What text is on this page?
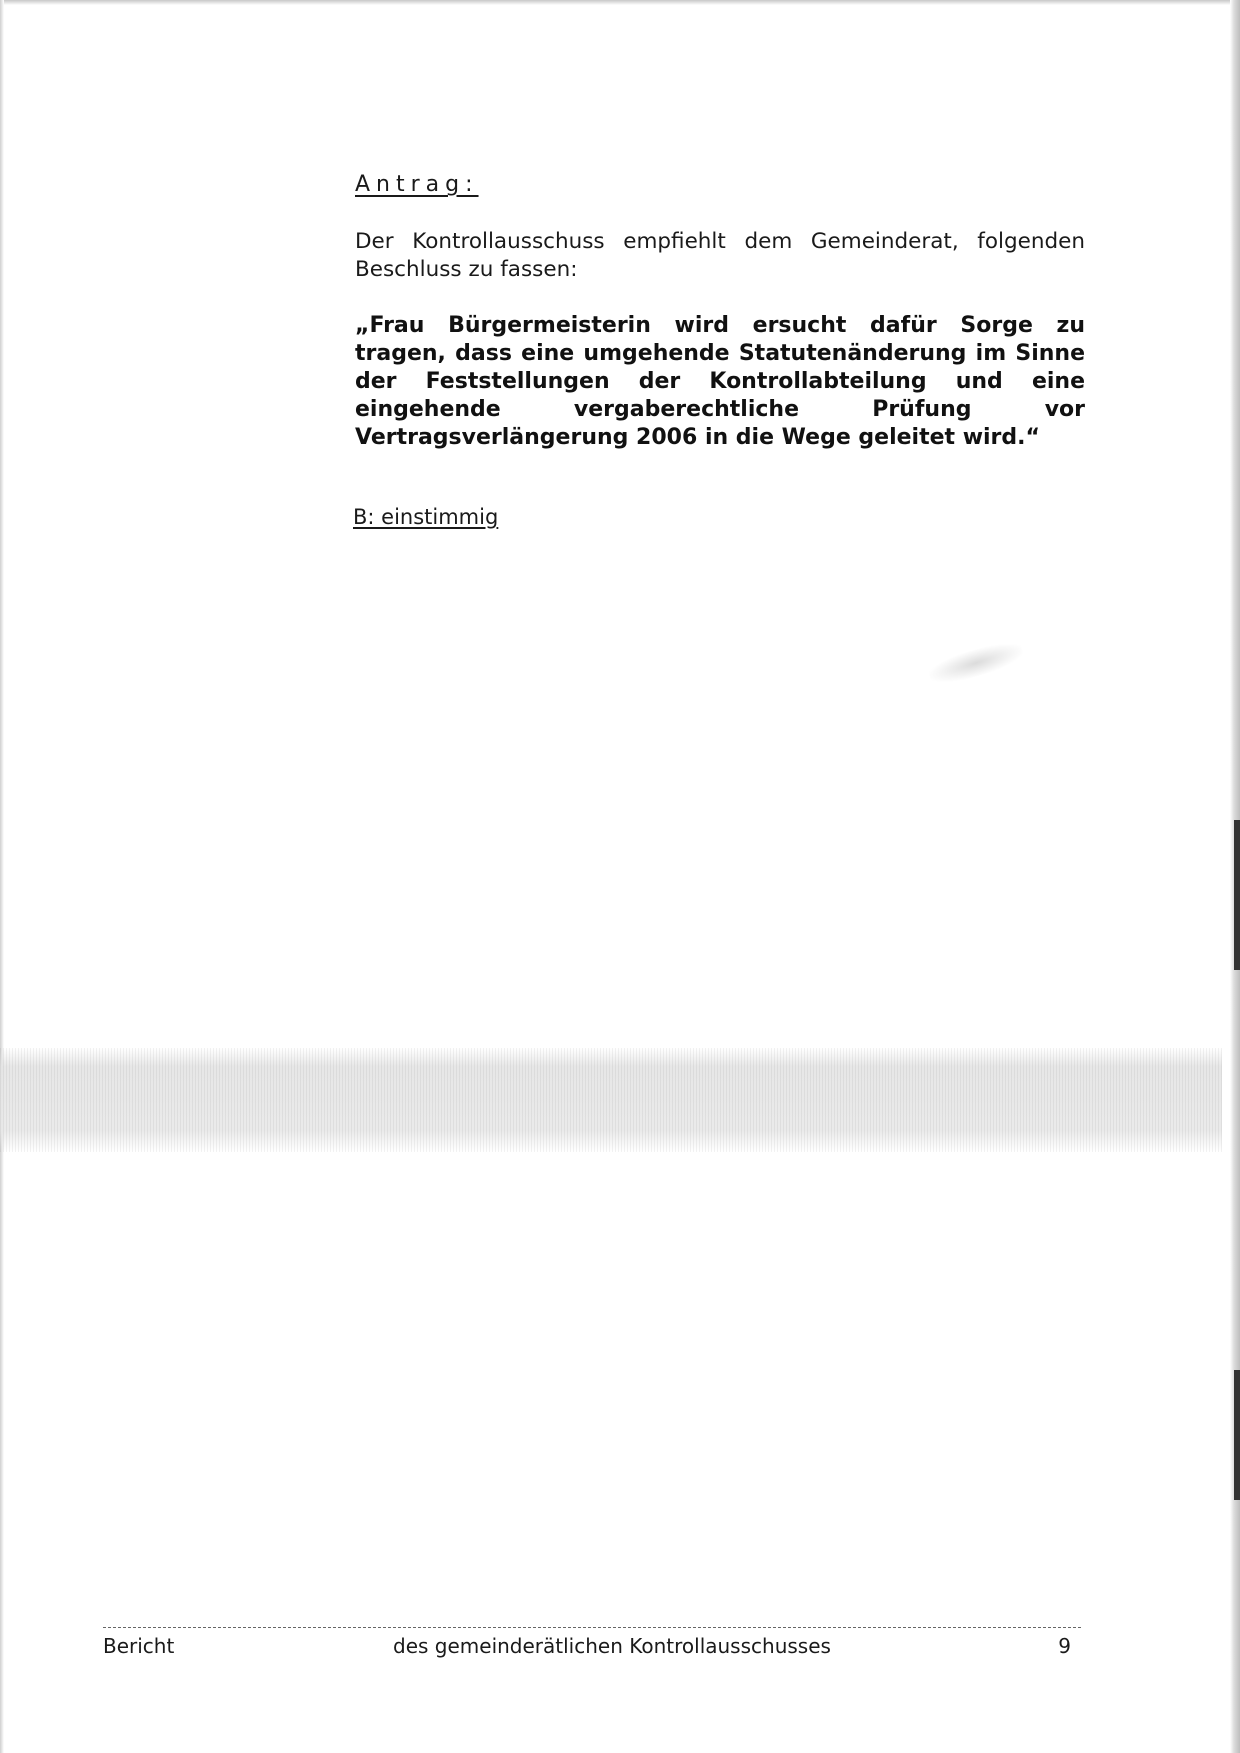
Antrag:

Der Kontrollausschuss empfiehlt dem Gemeinderat, folgenden Beschluss zu fassen:

„Frau Bürgermeisterin wird ersucht dafür Sorge zu tragen, dass eine umgehende Statutenänderung im Sinne der Feststellungen der Kontrollabteilung und eine eingehende vergaberechtliche Prüfung vor Vertragsverlängerung 2006 in die Wege geleitet wird.“

B: einstimmig

Bericht	des gemeinderätlichen Kontrollausschusses	9
